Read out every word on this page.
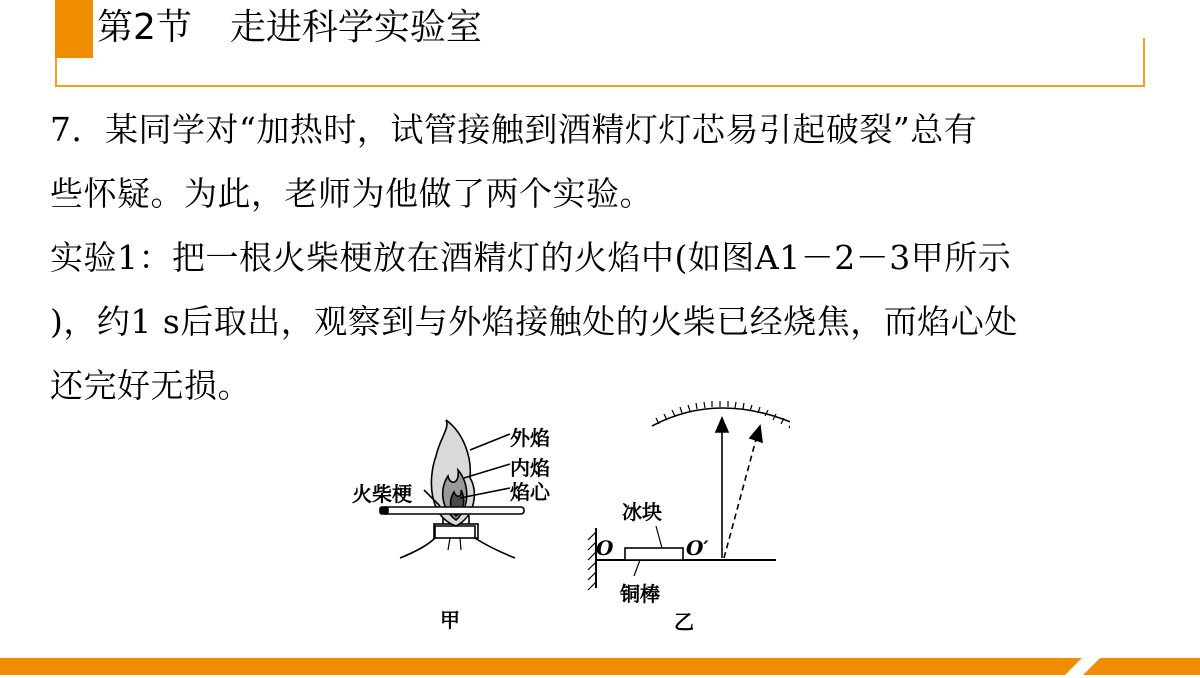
第2节 走进科学实验室

7．某同学对“加热时，试管接触到酒精灯灯芯易引起破裂”总有

些怀疑。为此，老师为他做了两个实验。

实验1：把一根火柴梗放在酒精灯的火焰中(如图A1－2－3甲所示

)，约1 s后取出，观察到与外焰接触处的火柴已经烧焦，而焰心处

还完好无损。

外焰
内焰
焰心
火柴梗
甲
冰块
O	O′
铜棒
乙
